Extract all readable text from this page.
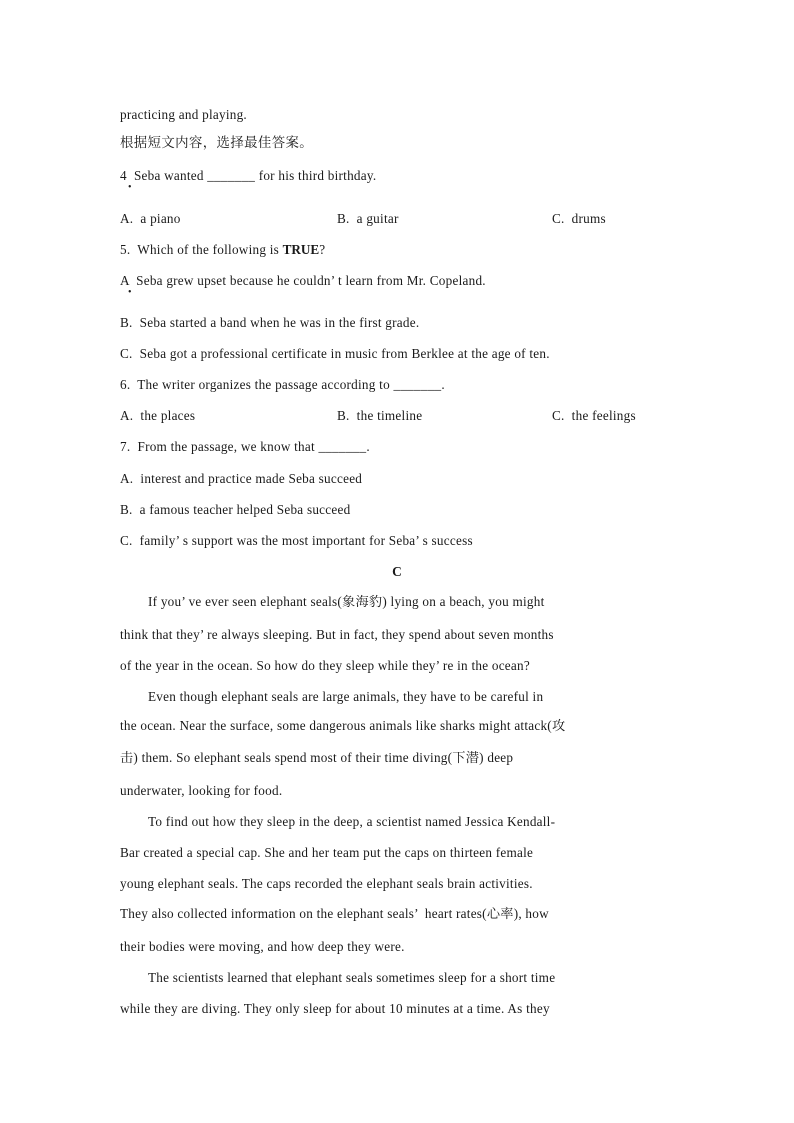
practicing and playing.
根据短文内容，选择最佳答案。
4  Seba wanted _______ for his third birthday.
•
A.  a piano	B.  a guitar	C.  drums
5.  Which of the following is TRUE?
A  Seba grew upset because he couldn’ t learn from Mr. Copeland.
•
B.  Seba started a band when he was in the first grade.
C.  Seba got a professional certificate in music from Berklee at the age of ten.
6.  The writer organizes the passage according to _______.
A.  the places	B.  the timeline	C.  the feelings
7.  From the passage, we know that _______.
A.  interest and practice made Seba succeed
B.  a famous teacher helped Seba succeed
C.  family’ s support was the most important for Seba’ s success
C
If you’ ve ever seen elephant seals(象海豹) lying on a beach, you might
think that they’ re always sleeping. But in fact, they spend about seven months
of the year in the ocean. So how do they sleep while they’ re in the ocean?
Even though elephant seals are large animals, they have to be careful in
the ocean. Near the surface, some dangerous animals like sharks might attack(攻
击) them. So elephant seals spend most of their time diving(下潜) deep
underwater, looking for food.
To find out how they sleep in the deep, a scientist named Jessica Kendall-
Bar created a special cap. She and her team put the caps on thirteen female
young elephant seals. The caps recorded the elephant seals brain activities.
They also collected information on the elephant seals’  heart rates(心率), how
their bodies were moving, and how deep they were.
The scientists learned that elephant seals sometimes sleep for a short time
while they are diving. They only sleep for about 10 minutes at a time. As they
